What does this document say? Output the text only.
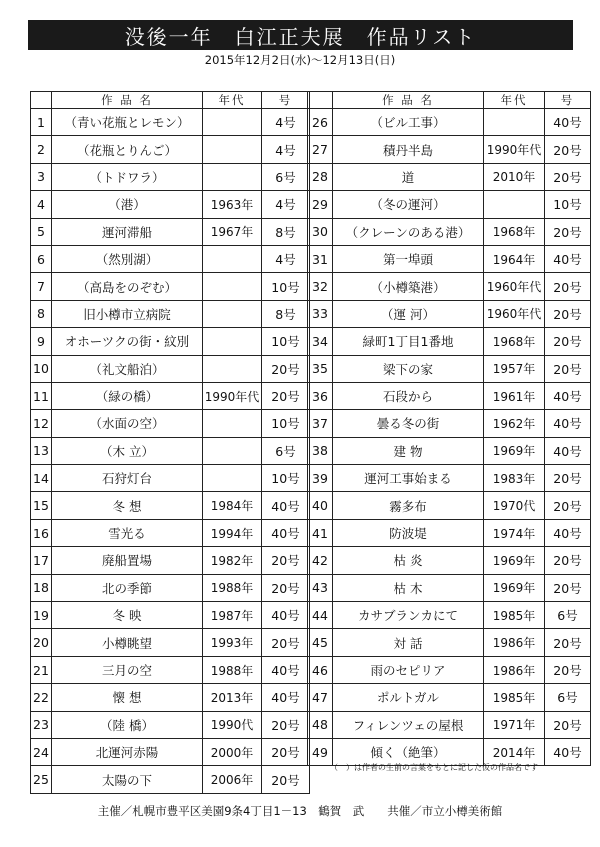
没後一年　白江正夫展　作品リスト
2015年12月2日(水)～12月13日(日)
	作 品 名	年代	号
1	（青い花瓶とレモン）		4号
2	（花瓶とりんご）		4号
3	（トドワラ）		6号
4	（港）	1963年	4号
5	運河滞船	1967年	8号
6	（然別湖）		4号
7	（高島をのぞむ）		10号
8	旧小樽市立病院		8号
9	オホーツクの街・紋別		10号
10	（礼文船泊）		20号
11	（緑の橋）	1990年代	20号
12	（水面の空）		10号
13	（木 立）		6号
14	石狩灯台		10号
15	冬 想	1984年	40号
16	雪光る	1994年	40号
17	廃船置場	1982年	20号
18	北の季節	1988年	20号
19	冬 映	1987年	40号
20	小樽眺望	1993年	20号
21	三月の空	1988年	40号
22	懐 想	2013年	40号
23	（陸 橋）	1990代	20号
24	北運河赤陽	2000年	20号
25	太陽の下	2006年	20号
	作 品 名	年代	号
26	（ビル工事）		40号
27	積丹半島	1990年代	20号
28	道	2010年	20号
29	（冬の運河）		10号
30	（クレーンのある港）	1968年	20号
31	第一埠頭	1964年	40号
32	（小樽築港）	1960年代	20号
33	（運 河）	1960年代	20号
34	緑町1丁目1番地	1968年	20号
35	梁下の家	1957年	20号
36	石段から	1961年	40号
37	曇る冬の街	1962年	40号
38	建 物	1969年	40号
39	運河工事始まる	1983年	20号
40	霧多布	1970代	20号
41	防波堤	1974年	40号
42	枯 炎	1969年	20号
43	枯 木	1969年	20号
44	カサブランカにて	1985年	6号
45	対 話	1986年	20号
46	雨のセピリア	1986年	20号
47	ポルトガル	1985年	6号
48	フィレンツェの屋根	1971年	20号
49	傾く（絶筆）	2014年	40号
（　）は作者の生前の言葉をもとに記した仮の作品名です
主催／札幌市豊平区美園9条4丁目1－13　鶴賀　武　　共催／市立小樽美術館
